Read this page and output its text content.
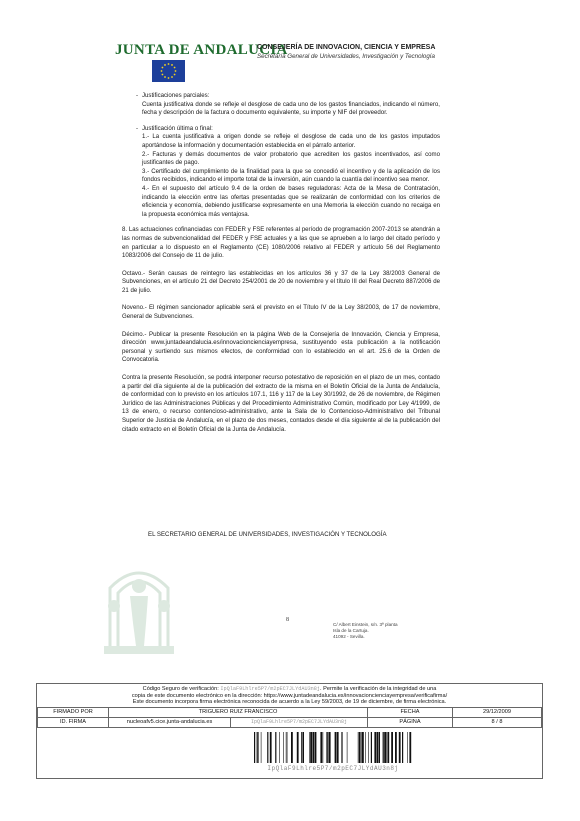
JUNTA DE ANDALUCIA
CONSEJERÍA DE INNOVACION, CIENCIA Y EMPRESA
Secretaría General de Universidades, Investigación y Tecnología
- Justificaciones parciales:

Cuenta justificativa donde se refleje el desglose de cada uno de los gastos financiados, indicando el número, fecha y descripción de la factura o documento equivalente, su importe y NIF del proveedor.

- Justificación última o final:

1.- La cuenta justificativa a origen donde se refleje el desglose de cada uno de los gastos imputados aportándose la información y documentación establecida en el párrafo anterior.

2.- Facturas y demás documentos de valor probatorio que acrediten los gastos incentivados, así como justificantes de pago.

3.- Certificado del cumplimiento de la finalidad para la que se concedió el incentivo y de la aplicación de los fondos recibidos, indicando el importe total de la inversión, aún cuando la cuantía del incentivo sea menor.

4.- En el supuesto del artículo 9.4 de la orden de bases reguladoras: Acta de la Mesa de Contratación, indicando la elección entre las ofertas presentadas que se realizarán de conformidad con los criterios de eficiencia y economía, debiendo justificarse expresamente en una Memoria la elección cuando no recaiga en la propuesta económica más ventajosa.

8. Las actuaciones cofinanciadas con FEDER y FSE referentes al período de programación 2007-2013 se atendrán a las normas de subvencionalidad del FEDER y FSE actuales y a las que se aprueben a lo largo del citado período y en particular a lo dispuesto en el Reglamento (CE) 1080/2006 relativo al FEDER y artículo 56 del Reglamento 1083/2006 del Consejo de 11 de julio.

Octavo.- Serán causas de reintegro las establecidas en los artículos 36 y 37 de la Ley 38/2003 General de Subvenciones, en el artículo 21 del Decreto 254/2001 de 20 de noviembre y el título III del Real Decreto 887/2006 de 21 de julio.

Noveno.- El régimen sancionador aplicable será el previsto en el Título IV de la Ley 38/2003, de 17 de noviembre, General de Subvenciones.

Décimo.- Publicar la presente Resolución en la página Web de la Consejería de Innovación, Ciencia y Empresa, dirección www.juntadeandalucia.es/innovacioncienciayempresa, sustituyendo esta publicación a la notificación personal y surtiendo sus mismos efectos, de conformidad con lo establecido en el art. 25.6 de la Orden de Convocatoria.

Contra la presente Resolución, se podrá interponer recurso potestativo de reposición en el plazo de un mes, contado a partir del día siguiente al de la publicación del extracto de la misma en el Boletín Oficial de la Junta de Andalucía, de conformidad con lo previsto en los artículos 107.1, 116 y 117 de la Ley 30/1992, de 26 de noviembre, de Régimen Jurídico de las Administraciones Públicas y del Procedimiento Administrativo Común, modificado por Ley 4/1999, de 13 de enero, o recurso contencioso-administrativo, ante la Sala de lo Contencioso-Administrativo del Tribunal Superior de Justicia de Andalucía, en el plazo de dos meses, contados desde el día siguiente al de la publicación del citado extracto en el Boletín Oficial de la Junta de Andalucía.

EL SECRETARIO GENERAL DE UNIVERSIDADES, INVESTIGACIÓN Y TECNOLOGÍA
8
C/ Albert Einstein, s/n. 3ª planta
Isla de la Cartuja.
41092 - Sevilla.
Código Seguro de verificación: IpQlaF9Lhlre5P7/m2pEC7JLYdAU3n8j. Permite la verificación de la integridad de una
copia de este documento electrónico en la dirección: https://www.juntadeandalucia.es/innovacioncienciayempresa/verificafirma/
Este documento incorpora firma electrónica reconocida de acuerdo a la Ley 59/2003, de 19 de diciembre, de firma electrónica.
FIRMADO POR	TRIGUERO RUIZ FRANCISCO		FECHA	29/12/2009
ID. FIRMA	nucleoafv5.cice.junta-andalucia.es	IpQlaF9Lhlre5P7/m2pEC7JLYdAU3n8j	PÁGINA	8 / 8
IpQlaF9Lhlre5P7/m2pEC7JLYdAU3n8j
